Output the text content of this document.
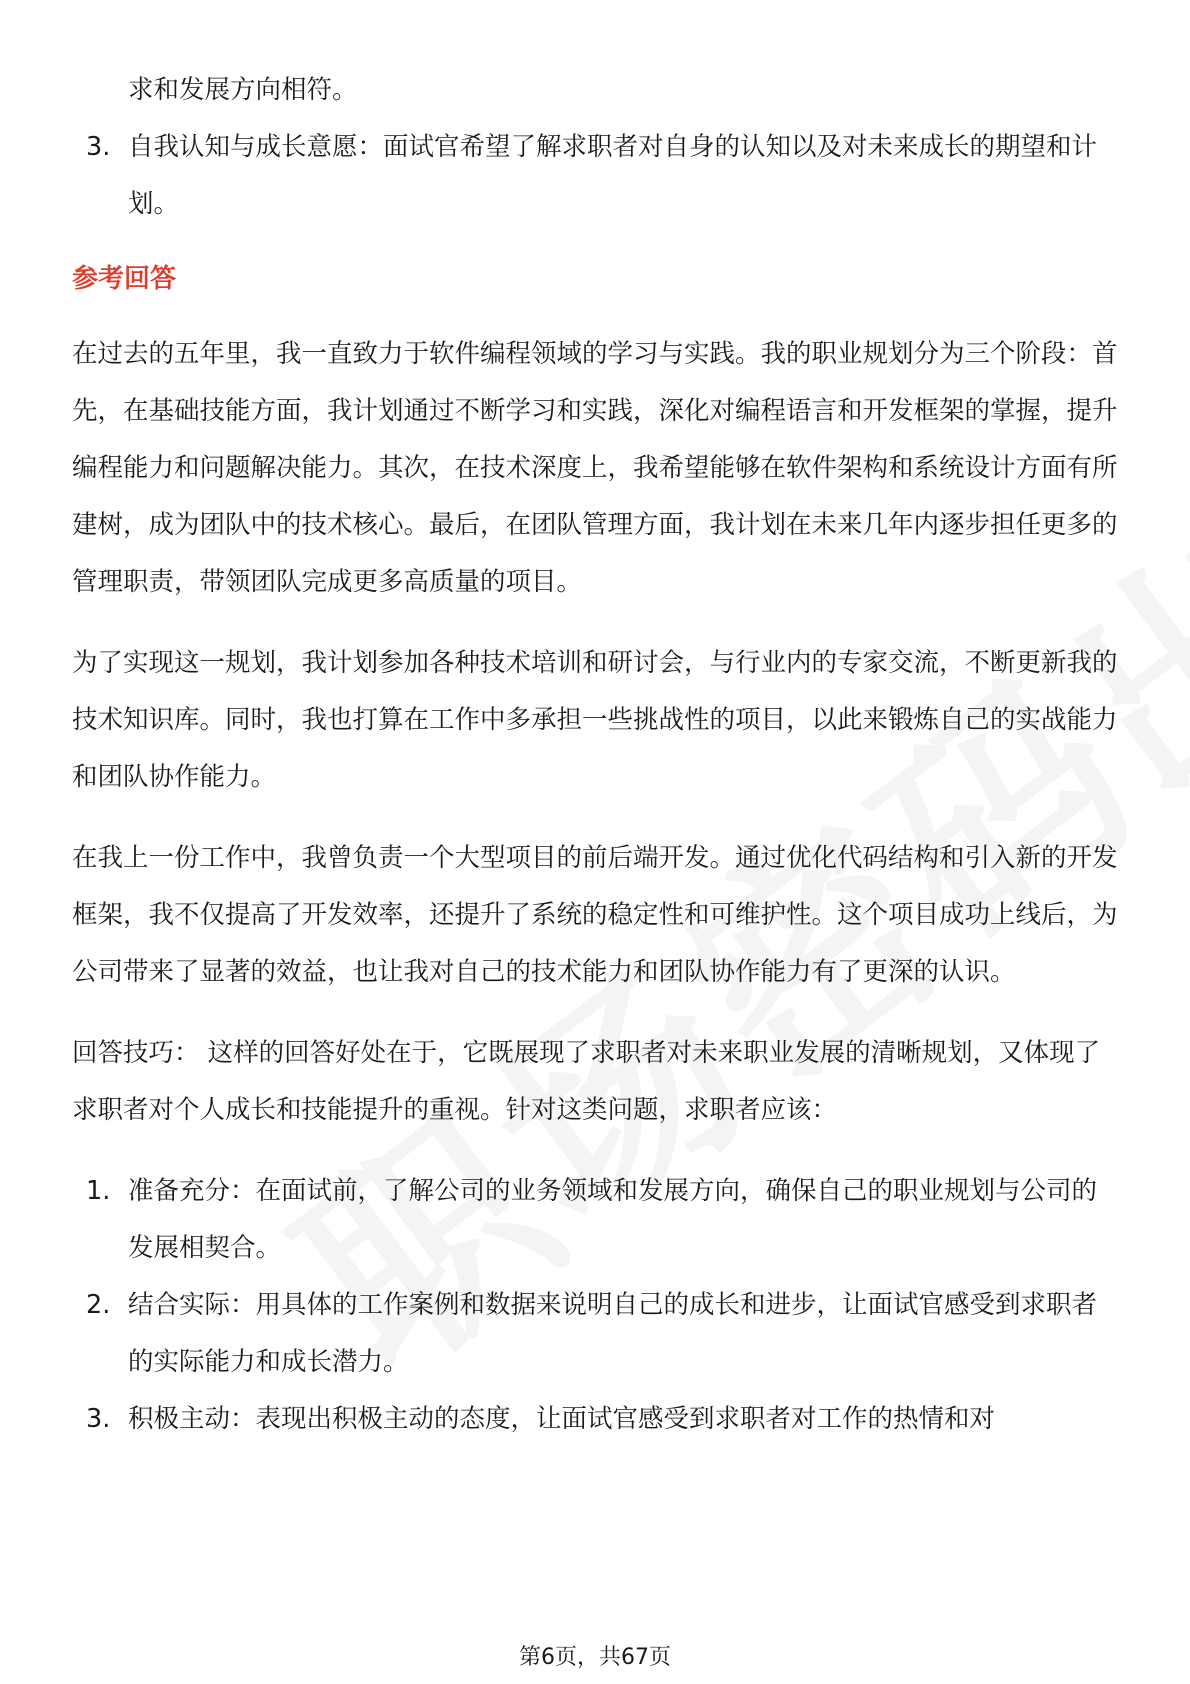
求和发展方向相符。
3. 自我认知与成长意愿：面试官希望了解求职者对自身的认知以及对未来成长的期望和计划。

参考回答

在过去的五年里，我一直致力于软件编程领域的学习与实践。我的职业规划分为三个阶段：首先，在基础技能方面，我计划通过不断学习和实践，深化对编程语言和开发框架的掌握，提升编程能力和问题解决能力。其次，在技术深度上，我希望能够在软件架构和系统设计方面有所建树，成为团队中的技术核心。最后，在团队管理方面，我计划在未来几年内逐步担任更多的管理职责，带领团队完成更多高质量的项目。

为了实现这一规划，我计划参加各种技术培训和研讨会，与行业内的专家交流，不断更新我的技术知识库。同时，我也打算在工作中多承担一些挑战性的项目，以此来锻炼自己的实战能力和团队协作能力。

在我上一份工作中，我曾负责一个大型项目的前后端开发。通过优化代码结构和引入新的开发框架，我不仅提高了开发效率，还提升了系统的稳定性和可维护性。这个项目成功上线后，为公司带来了显著的效益，也让我对自己的技术能力和团队协作能力有了更深的认识。

回答技巧： 这样的回答好处在于，它既展现了求职者对未来职业发展的清晰规划，又体现了求职者对个人成长和技能提升的重视。针对这类问题，求职者应该：

1. 准备充分：在面试前，了解公司的业务领域和发展方向，确保自己的职业规划与公司的发展相契合。
2. 结合实际：用具体的工作案例和数据来说明自己的成长和进步，让面试官感受到求职者的实际能力和成长潜力。
3. 积极主动：表现出积极主动的态度，让面试官感受到求职者对工作的热情和对
第6页，共67页
